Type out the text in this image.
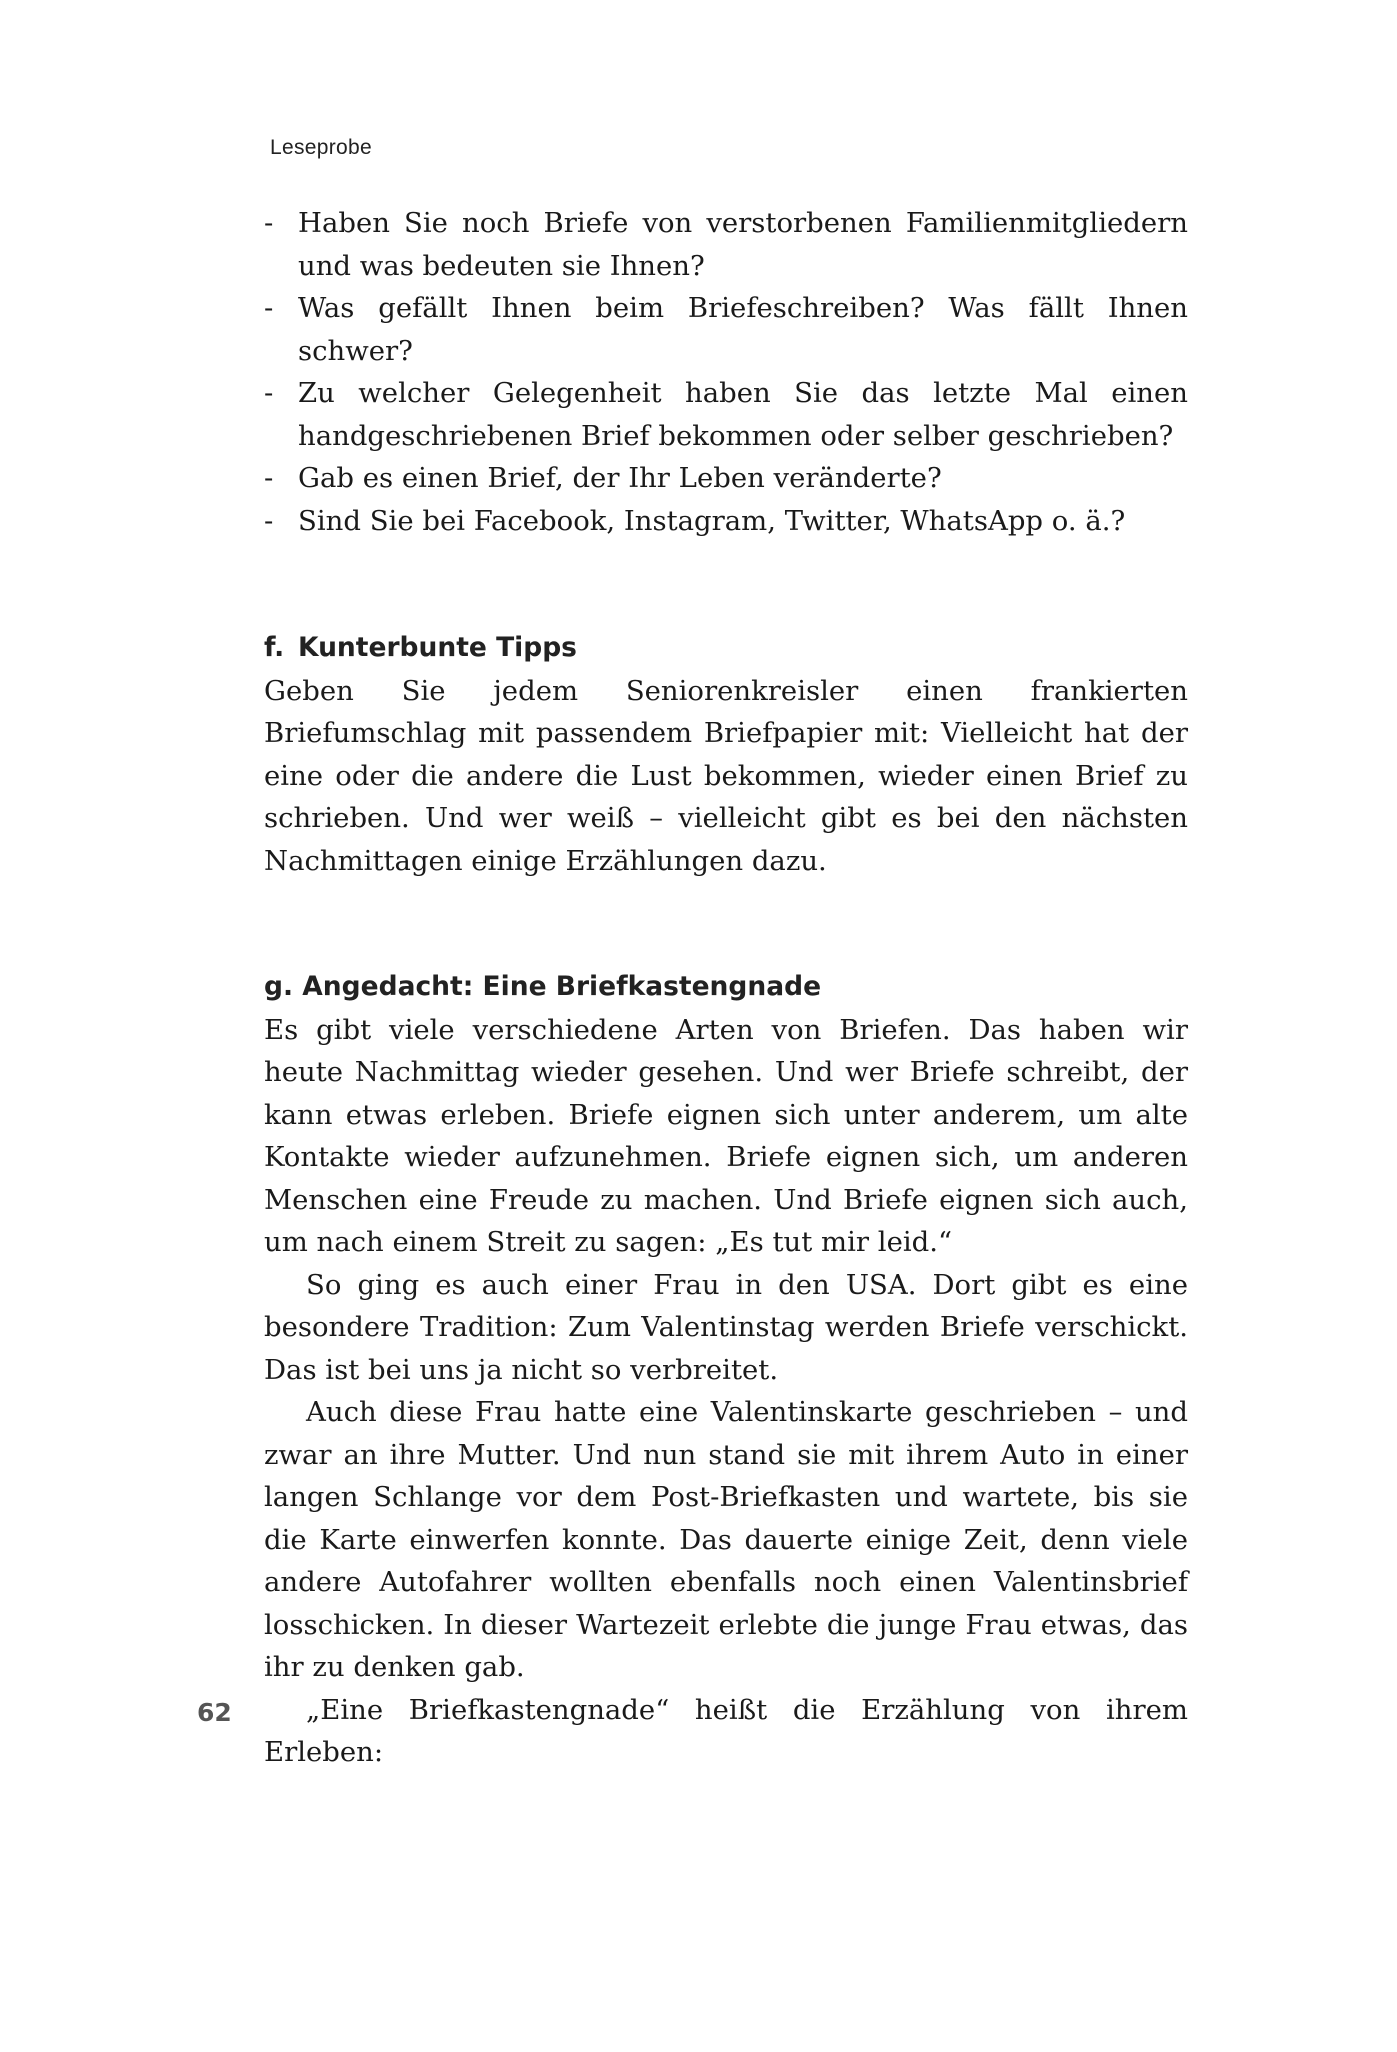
Leseprobe
- Haben Sie noch Briefe von verstorbenen Familienmitgliedern und was bedeuten sie Ihnen?
- Was gefällt Ihnen beim Briefeschreiben? Was fällt Ihnen schwer?
- Zu welcher Gelegenheit haben Sie das letzte Mal einen handgeschriebenen Brief bekommen oder selber geschrieben?
- Gab es einen Brief, der Ihr Leben veränderte?
- Sind Sie bei Facebook, Instagram, Twitter, WhatsApp o. ä.?
f. Kunterbunte Tipps

Geben Sie jedem Seniorenkreisler einen frankierten Briefumschlag mit passendem Briefpapier mit: Vielleicht hat der eine oder die andere die Lust bekommen, wieder einen Brief zu schrieben. Und wer weiß – vielleicht gibt es bei den nächsten Nachmittagen einige Erzählungen dazu.

g. Angedacht: Eine Briefkastengnade

Es gibt viele verschiedene Arten von Briefen. Das haben wir heute Nachmittag wieder gesehen. Und wer Briefe schreibt, der kann etwas erleben. Briefe eignen sich unter anderem, um alte Kontakte wieder aufzunehmen. Briefe eignen sich, um anderen Menschen eine Freude zu machen. Und Briefe eignen sich auch, um nach einem Streit zu sagen: „Es tut mir leid.“

So ging es auch einer Frau in den USA. Dort gibt es eine besondere Tradition: Zum Valentinstag werden Briefe verschickt. Das ist bei uns ja nicht so verbreitet.

Auch diese Frau hatte eine Valentinskarte geschrieben – und zwar an ihre Mutter. Und nun stand sie mit ihrem Auto in einer langen Schlange vor dem Post-Briefkasten und wartete, bis sie die Karte einwerfen konnte. Das dauerte einige Zeit, denn viele andere Autofahrer wollten ebenfalls noch einen Valentinsbrief losschicken. In dieser Wartezeit erlebte die junge Frau etwas, das ihr zu denken gab.

„Eine Briefkastengnade“ heißt die Erzählung von ihrem Erleben:

62
